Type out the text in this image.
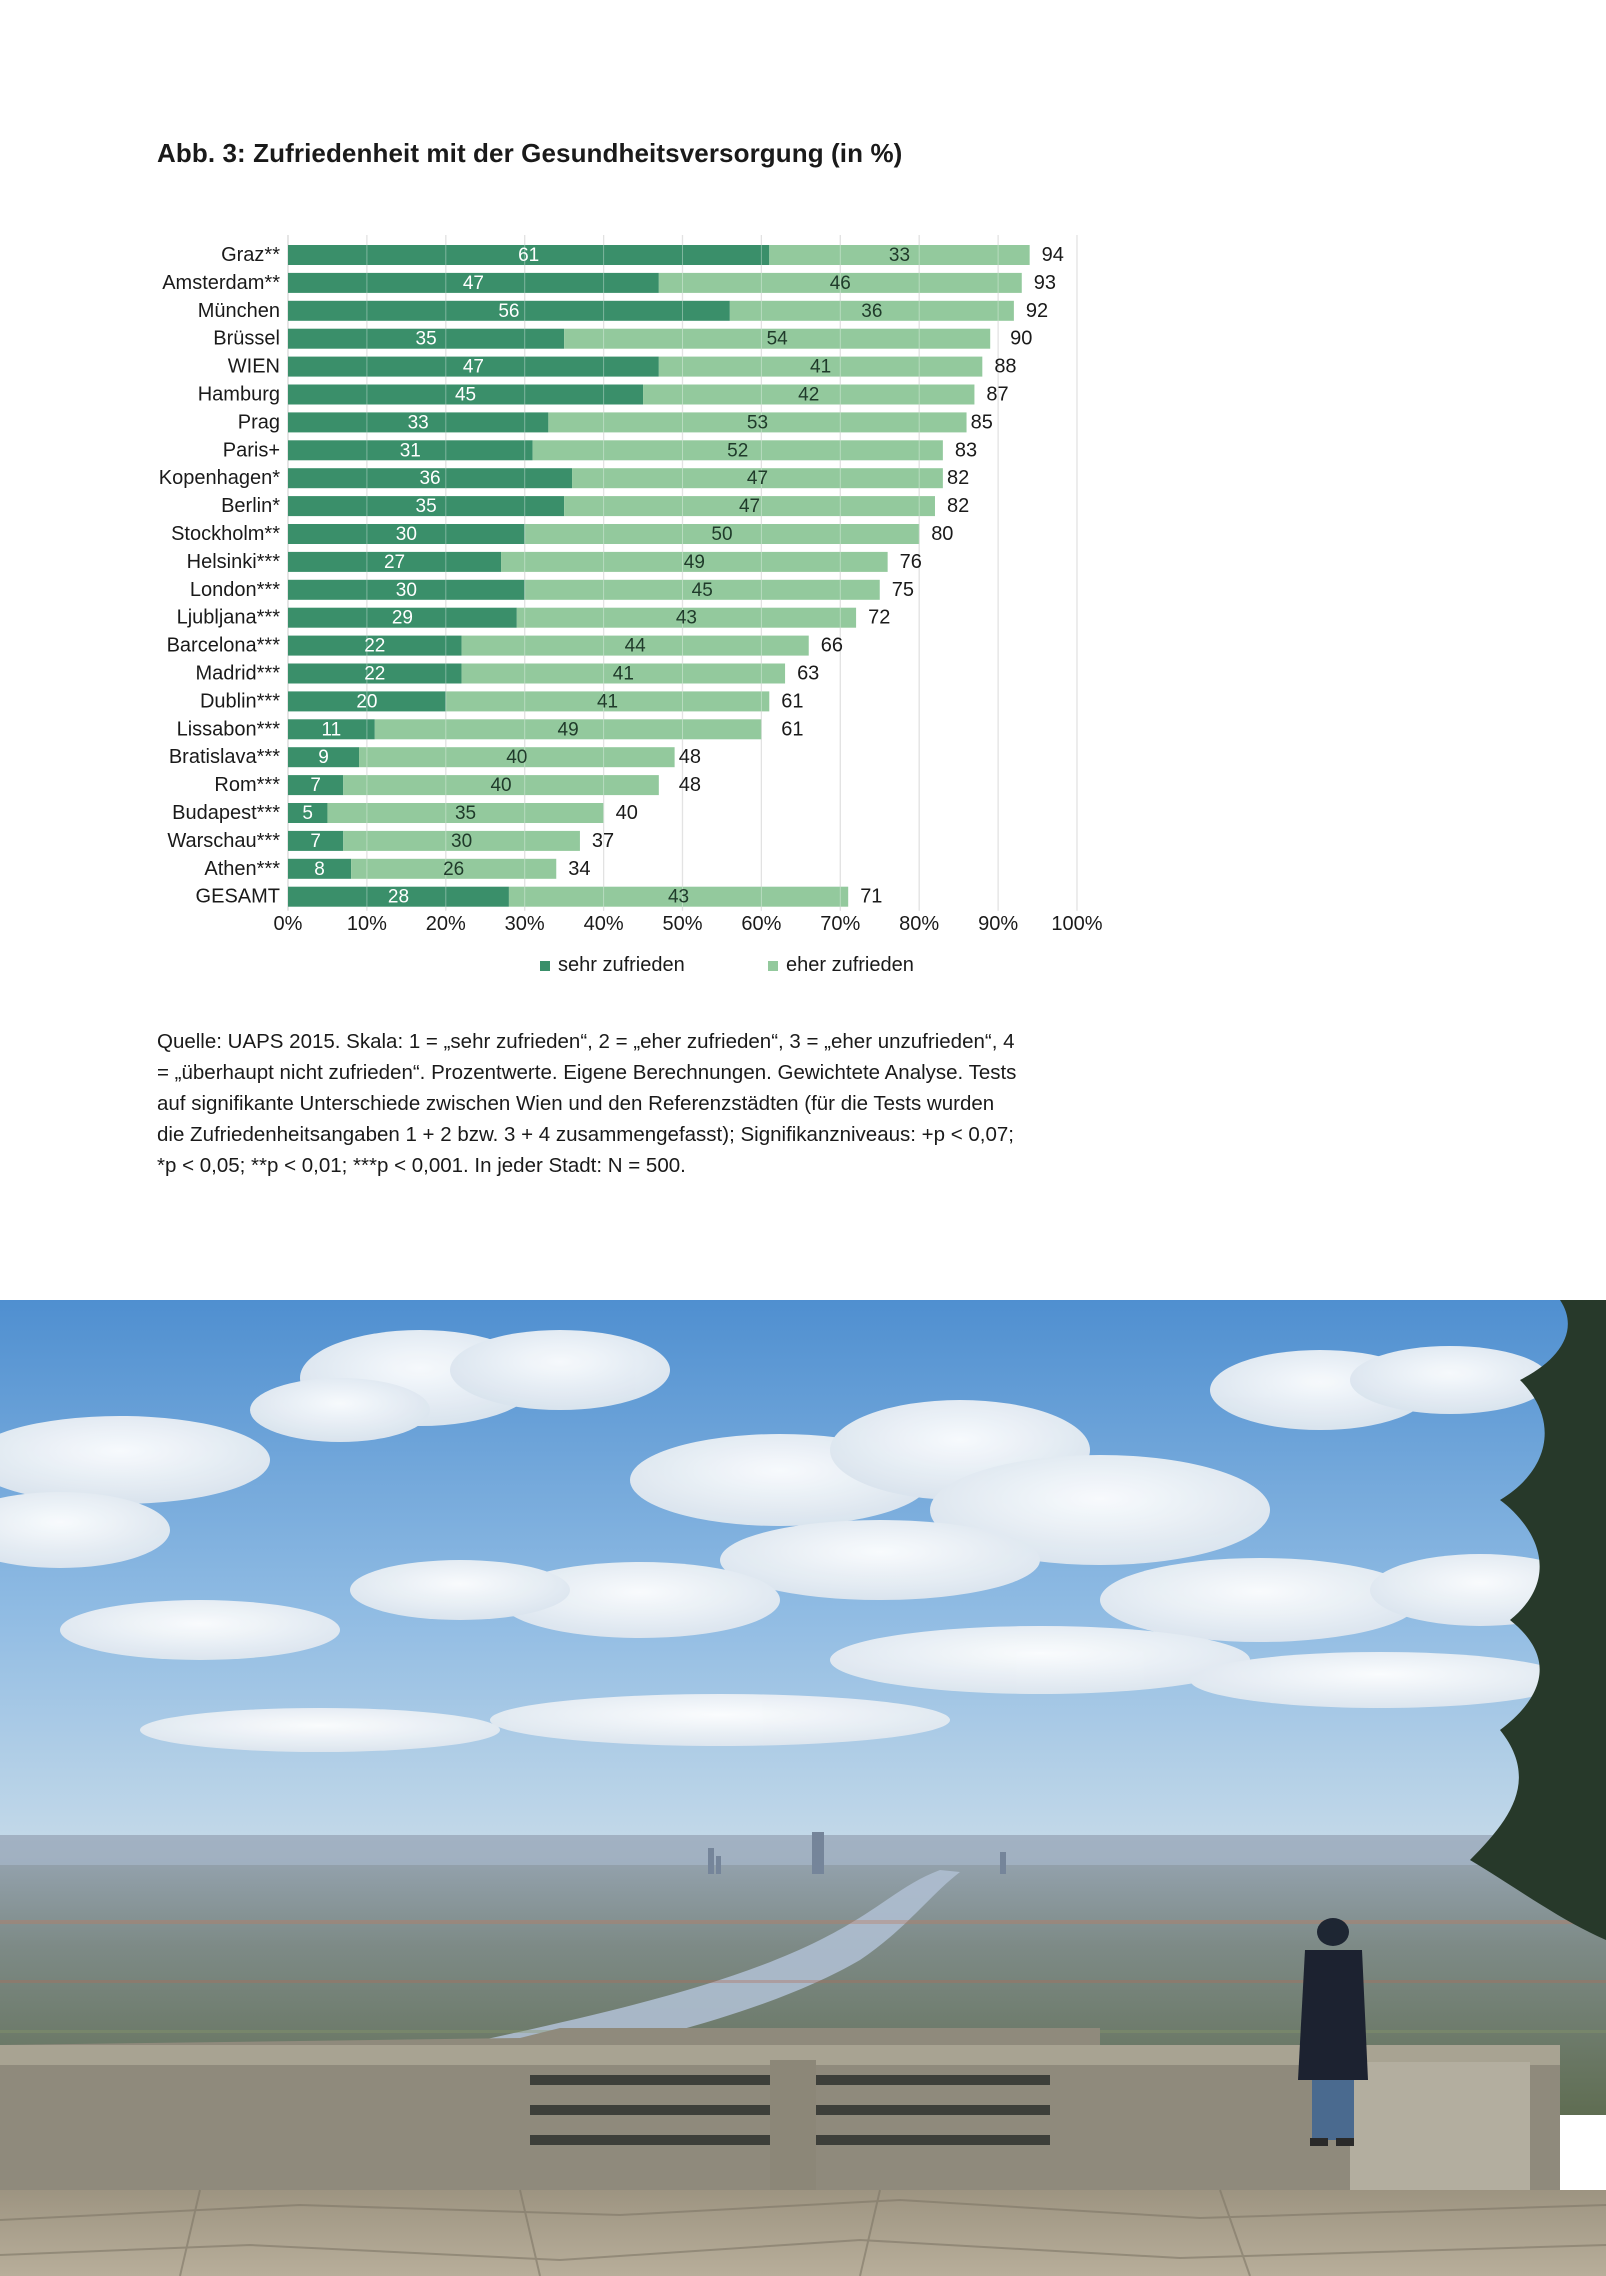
Abb. 3: Zufriedenheit mit der Gesundheitsversorgung (in %)
0% 10% 20% 30% 40% 50% 60% 70% 80% 90% 100%
Graz**	61	33	94
Amsterdam**	47	46	93
München	56	36	92
Brüssel	35	54	90
WIEN	47	41	88
Hamburg	45	42	87
Prag	33	53	85
Paris+	31	52	83
Kopenhagen*	36	47	82
Berlin*	35	47	82
Stockholm**	30	50	80
Helsinki***	27	49	76
London***	30	45	75
Ljubljana***	29	43	72
Barcelona***	22	44	66
Madrid***	22	41	63
Dublin***	20	41	61
Lissabon*** 11	49	61
Bratislava*** 9	40	48
Rom*** 7	40	48
Budapest*** 5	35	40
Warschau*** 7	30	37
Athen*** 8	26	34
GESAMT	28	43	71
sehr zufrieden	eher zufrieden

Quelle: UAPS 2015. Skala: 1 = „sehr zufrieden“, 2 = „eher zufrieden“, 3 = „eher unzufrieden“, 4 = „überhaupt nicht zufrieden“. Prozentwerte. Eigene Berechnungen. Gewichtete Analyse. Tests auf signifikante Unterschiede zwischen Wien und den Referenzstädten (für die Tests wurden die Zufriedenheitsangaben 1 + 2 bzw. 3 + 4 zusammengefasst); Signifikanzniveaus: +p < 0,07; *p < 0,05; **p < 0,01; ***p < 0,001. In jeder Stadt: N = 500.
